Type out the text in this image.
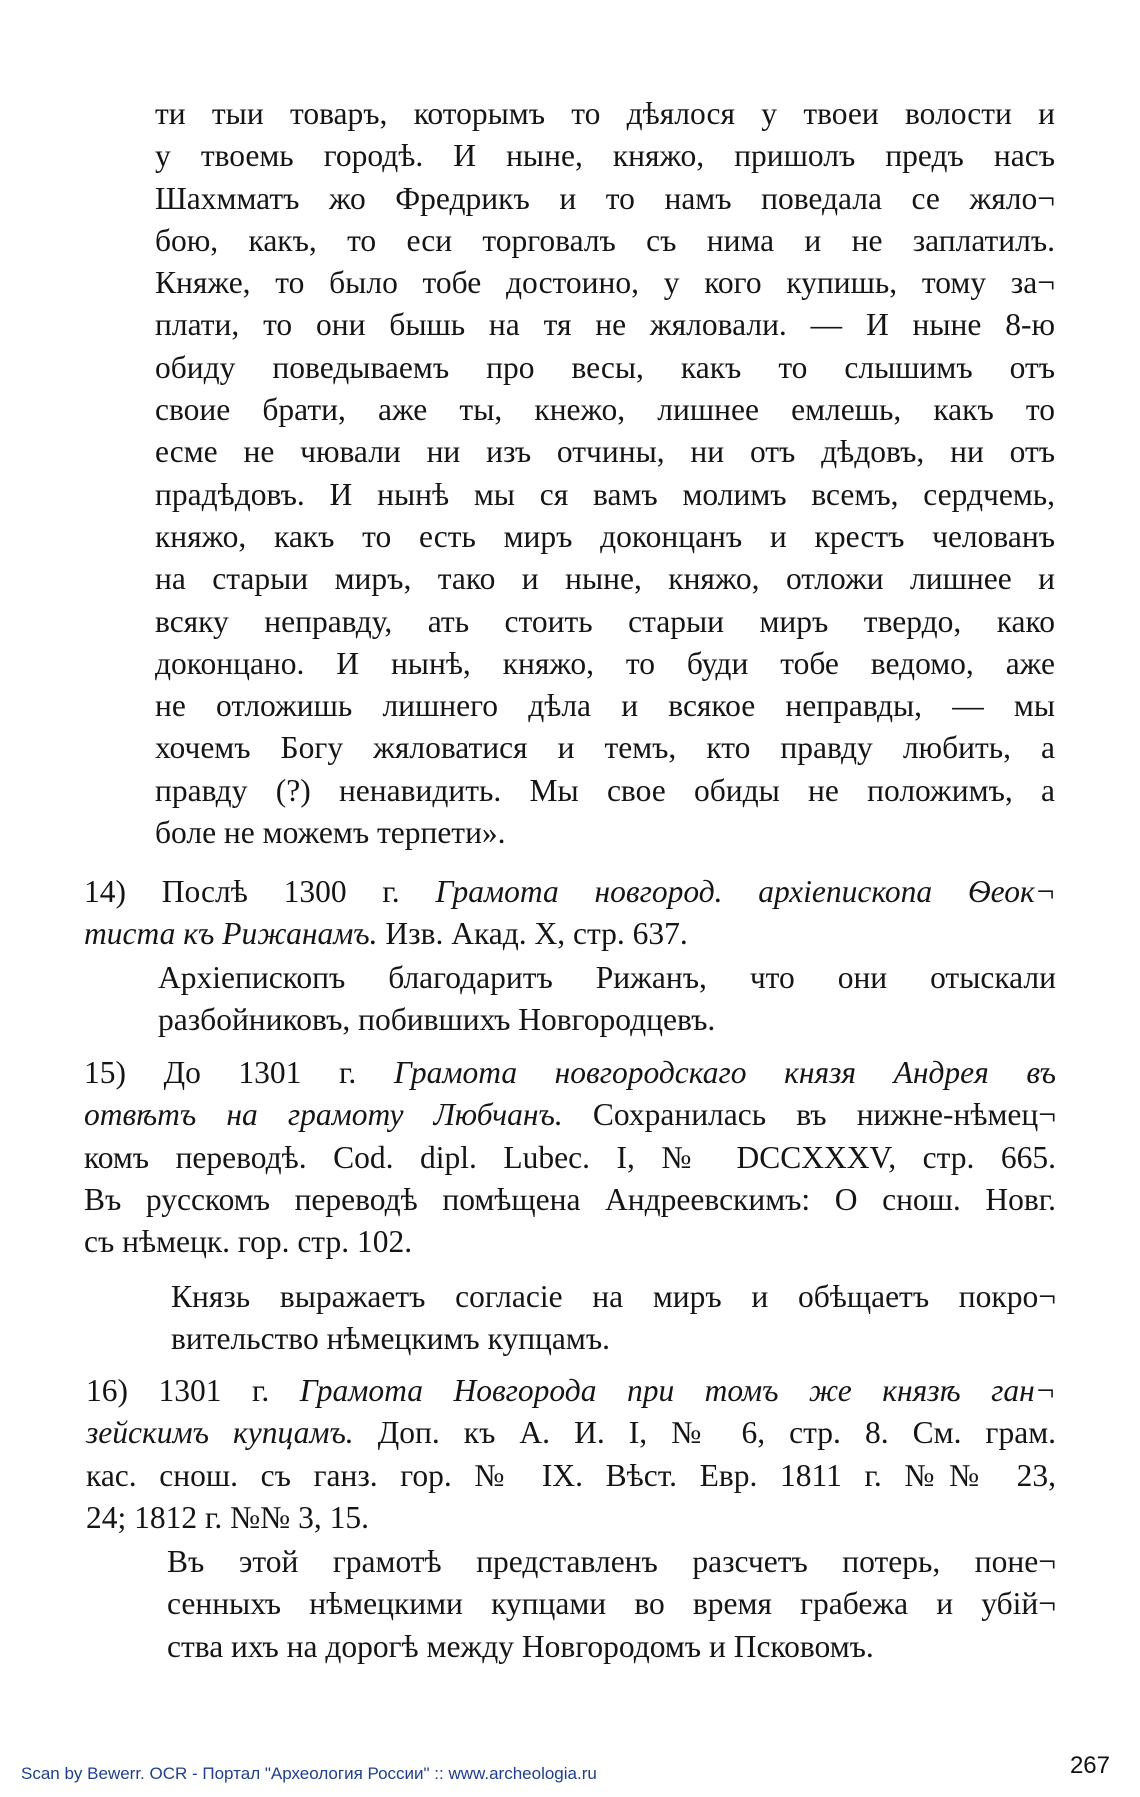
ти тыи товаръ, которымъ то дѣялося у твоеи волости и
у твоемь городѣ. И ныне, княжо, пришолъ предъ насъ
Шахмматъ жо Фредрикъ и то намъ поведала се жяло¬
бою, какъ, то еси торговалъ съ нима и не заплатилъ.
Княже, то было тобе достоино, у кого купишь, тому за¬
плати, то они бышь на тя не жяловали. — И ныне 8-ю
обиду поведываемъ про весы, какъ то слышимъ отъ
своие брати, аже ты, кнежо, лишнее емлешь, какъ то
есме не чювали ни изъ отчины, ни отъ дѣдовъ, ни отъ
прадѣдовъ. И нынѣ мы ся вамъ молимъ всемъ, сердчемь,
княжо, какъ то есть миръ доконцанъ и крестъ челованъ
на старыи миръ, тако и ныне, княжо, отложи лишнее и
всяку неправду, ать стоить старыи миръ твердо, како
доконцано. И нынѣ, княжо, то буди тобе ведомо, аже
не отложишь лишнего дѣла и всякое неправды, — мы
хочемъ Богу жяловатися и темъ, кто правду любить, а
правду (?) ненавидить. Мы свое обиды не положимъ, а
боле не можемъ терпети».
14) Послѣ 1300 г. Грамота новгород. архіепископа Ѳеок¬
тиста къ Рижанамъ. Изв. Акад. X, стр. 637.
Архіепископъ благодаритъ Рижанъ, что они отыскали
разбойниковъ, побившихъ Новгородцевъ.
15) До 1301 г. Грамота новгородскаго князя Андрея въ
отвѣтъ на грамоту Любчанъ. Сохранилась въ нижне-нѣмец¬
комъ переводѣ. Cod. dipl. Lubec. I, № DCCXXXV, стр. 665.
Въ русскомъ переводѣ помѣщена Андреевскимъ: О снош. Новг.
съ нѣмецк. гор. стр. 102.
Князь выражаетъ согласіе на миръ и обѣщаетъ покро¬
вительство нѣмецкимъ купцамъ.
16) 1301 г. Грамота Новгорода при томъ же князѣ ган¬
зейскимъ купцамъ. Доп. къ А. И. I, № 6, стр. 8. См. грам.
кас. снош. съ ганз. гор. № IX. Вѣст. Евр. 1811 г. №№ 23,
24; 1812 г. №№ 3, 15.
Въ этой грамотѣ представленъ разсчетъ потерь, поне¬
сенныхъ нѣмецкими купцами во время грабежа и убій¬
ства ихъ на дорогѣ между Новгородомъ и Псковомъ.
Scan by Bewerr. OCR - Портал "Археология России" :: www.archeologia.ru	267
